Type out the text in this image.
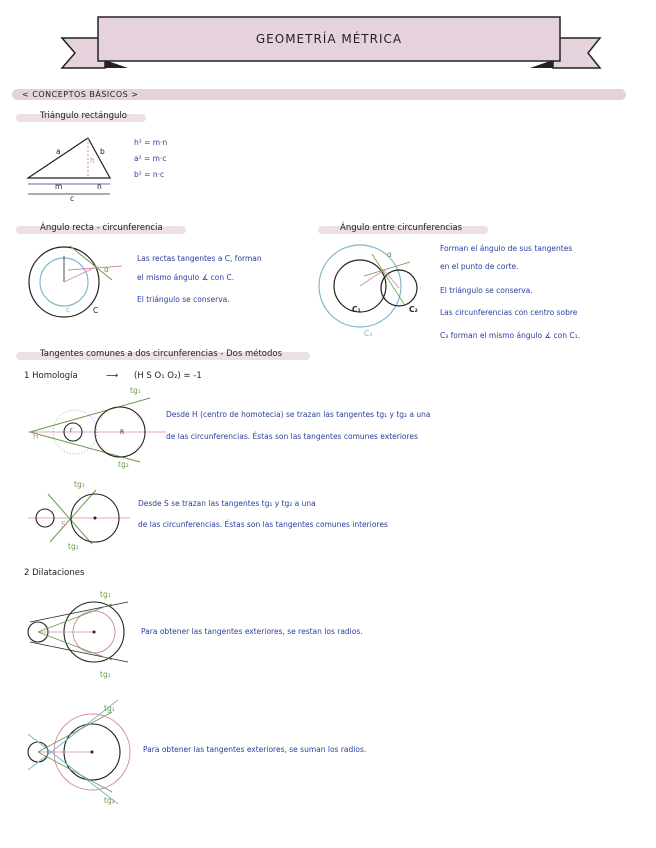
GEOMETRÍA MÉTRICA
< CONCEPTOS BÁSICOS >
Triángulo rectángulo
a	b
h
m	n
c
h² = m·n
a² = m·c
b² = n·c
Ángulo recta - circunferencia
α
c	C
Las rectas tangentes a C, forman
el mismo ángulo ∡ con C.
El triángulo se conserva.
Ángulo entre circunferencias
α
C₁	C₂
C₃
Forman el ángulo de sus tangentes
en el punto de corte.
El triángulo se conserva.
Las circunferencias con centro sobre
C₃ forman el mismo ángulo ∡ con C₁.
Tangentes comunes a dos circunferencias - Dos métodos
1 Homología	⟶ (H S O₁ O₂) = -1
H
tg₁
tg₂
r	R
Desde H (centro de homotecia) se trazan las tangentes tg₁ y tg₂ a una
de las circunferencias. Éstas son las tangentes comunes exteriores
S
tg₁
tg₂
Desde S se trazan las tangentes tg₁ y tg₂ a una
de las circunferencias. Éstas son las tangentes comunes interiores
2 Dilataciones
tg₁
tg₂
Para obtener las tangentes exteriores, se restan los radios.
tg₁
tg₂
Para obtener las tangentes exteriores, se suman los radios.
